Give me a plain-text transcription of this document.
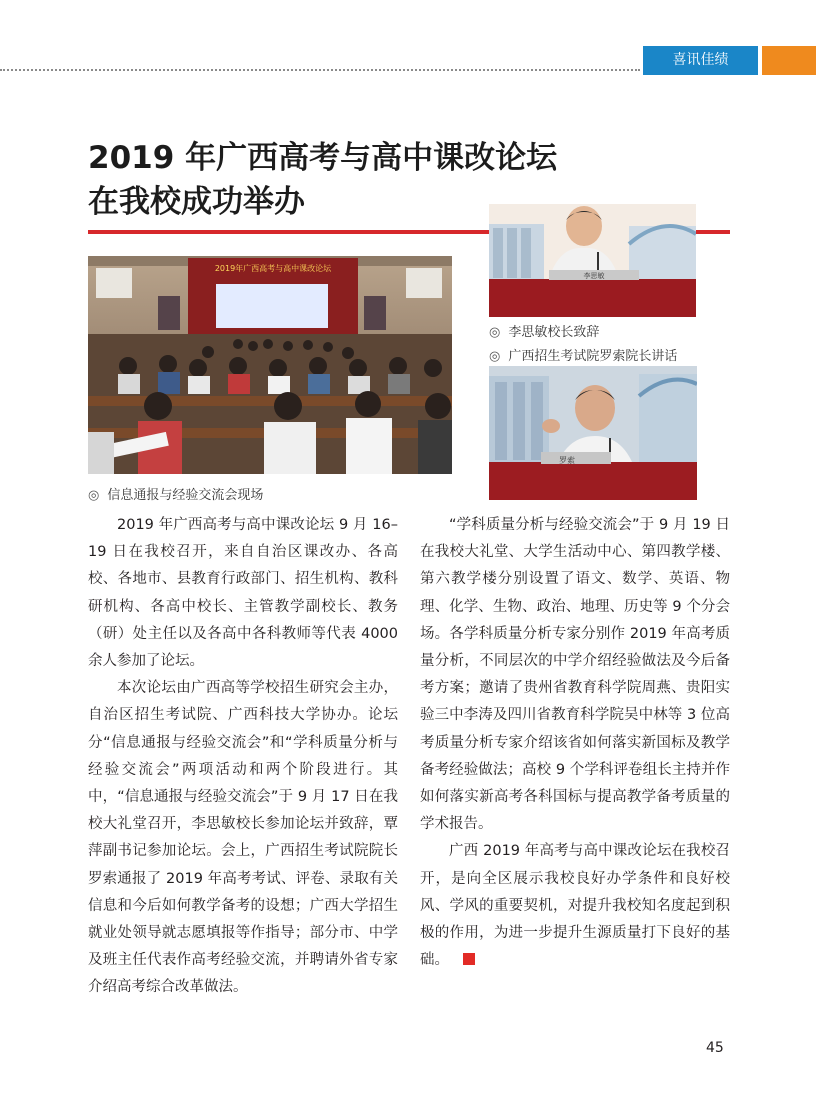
喜讯佳绩
2019 年广西高考与高中课改论坛
在我校成功举办
2019年广西高考与高中课改论坛
◎ 信息通报与经验交流会现场
李思敏
◎ 李思敏校长致辞
◎ 广西招生考试院罗索院长讲话
罗索

2019 年广西高考与高中课改论坛 9 月 16–19 日在我校召开，来自自治区课改办、各高校、各地市、县教育行政部门、招生机构、教科研机构、各高中校长、主管教学副校长、教务（研）处主任以及各高中各科教师等代表 4000 余人参加了论坛。

本次论坛由广西高等学校招生研究会主办，自治区招生考试院、广西科技大学协办。论坛分“信息通报与经验交流会”和“学科质量分析与经验交流会”两项活动和两个阶段进行。其中，“信息通报与经验交流会”于 9 月 17 日在我校大礼堂召开，李思敏校长参加论坛并致辞，覃萍副书记参加论坛。会上，广西招生考试院院长罗索通报了 2019 年高考考试、评卷、录取有关信息和今后如何教学备考的设想；广西大学招生就业处领导就志愿填报等作指导；部分市、中学及班主任代表作高考经验交流，并聘请外省专家介绍高考综合改革做法。

“学科质量分析与经验交流会”于 9 月 19 日在我校大礼堂、大学生活动中心、第四教学楼、第六教学楼分别设置了语文、数学、英语、物理、化学、生物、政治、地理、历史等 9 个分会场。各学科质量分析专家分别作 2019 年高考质量分析，不同层次的中学介绍经验做法及今后备考方案；邀请了贵州省教育科学院周燕、贵阳实验三中李涛及四川省教育科学院吴中林等 3 位高考质量分析专家介绍该省如何落实新国标及教学备考经验做法；高校 9 个学科评卷组长主持并作如何落实新高考各科国标与提高教学备考质量的学术报告。

广西 2019 年高考与高中课改论坛在我校召开，是向全区展示我校良好办学条件和良好校风、学风的重要契机，对提升我校知名度起到积极的作用，为进一步提升生源质量打下良好的基础。

45
